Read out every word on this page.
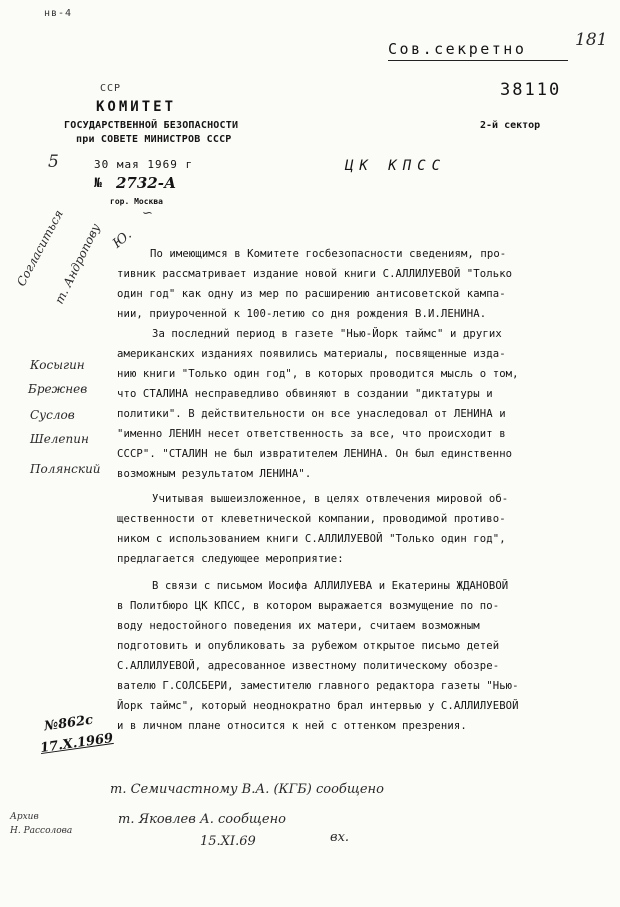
нв-4
Сов.секретно	181
38110
2-й сектор
ССР
КОМИТЕТ
ГОСУДАРСТВЕННОЙ БЕЗОПАСНОСТИ
при СОВЕТЕ МИНИСТРОВ СССР
5	30 мая 1969 г
№ 2732-А
гор. Москва
∽
ЦК КПСС
По имеющимся в Комитете госбезопасности сведениям, про-
тивник рассматривает издание новой книги С.АЛЛИЛУЕВОЙ "Только
один год" как одну из мер по расширению антисоветской кампа-
нии, приуроченной к 100-летию со дня рождения В.И.ЛЕНИНА.
За последний период в газете "Нью-Йорк таймс" и других
американских изданиях появились материалы, посвященные изда-
нию книги "Только один год", в которых проводится мысль о том,
что СТАЛИНА несправедливо обвиняют в создании "диктатуры и
политики". В действительности он все унаследовал от ЛЕНИНА и
"именно ЛЕНИН несет ответственность за все, что происходит в
СССР". "СТАЛИН не был извратителем ЛЕНИНА. Он был единственно
возможным результатом ЛЕНИНА".
Учитывая вышеизложенное, в целях отвлечения мировой об-
щественности от клеветнической компании, проводимой противо-
ником с использованием книги С.АЛЛИЛУЕВОЙ "Только один год",
предлагается следующее мероприятие:
В связи с письмом Иосифа АЛЛИЛУЕВА и Екатерины ЖДАНОВОЙ
в Политбюро ЦК КПСС, в котором выражается возмущение по по-
воду недостойного поведения их матери, считаем возможным
подготовить и опубликовать за рубежом открытое письмо детей
С.АЛЛИЛУЕВОЙ, адресованное известному политическому обозре-
вателю Г.СОЛСБЕРИ, заместителю главного редактора газеты "Нью-
Йорк таймс", который неоднократно брал интервью у С.АЛЛИЛУЕВОЙ
и в личном плане относится к ней с оттенком презрения.
Согласиться
т. Андропову Ю.
Косыгин
Брежнев
Суслов
Шелепин
Полянский
№862с
17.X.1969
т. Семичастному В.А. (КГБ) сообщено
т. Яковлев А. сообщено
15.XI.69	вх.
Архив
Н. Рассолова
